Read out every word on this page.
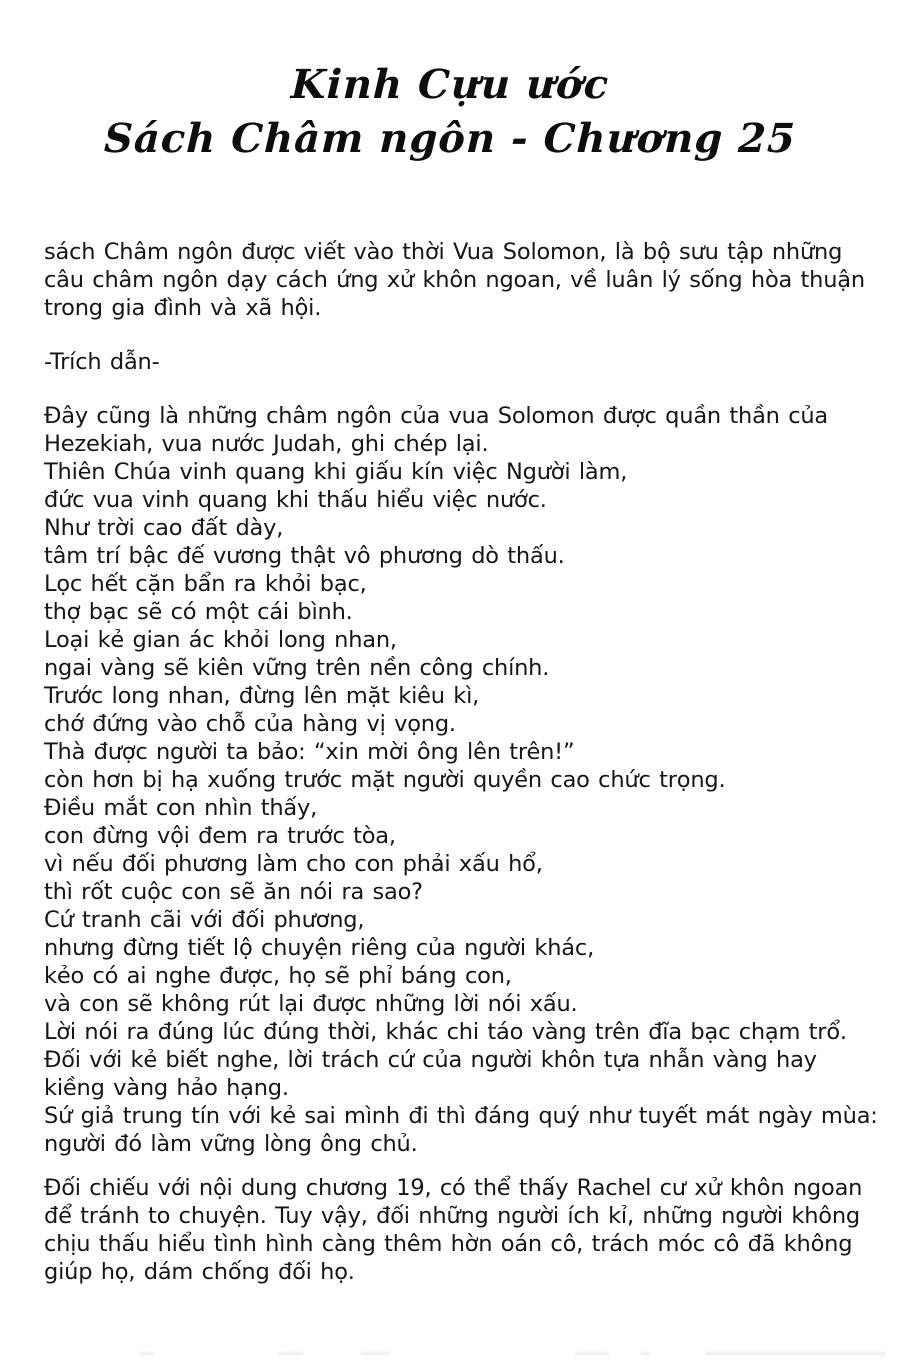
Kinh Cựu ước
Sách Châm ngôn - Chương 25

sách Châm ngôn được viết vào thời Vua Solomon, là bộ sưu tập những
câu châm ngôn dạy cách ứng xử khôn ngoan, về luân lý sống hòa thuận
trong gia đình và xã hội.

-Trích dẫn-

Đây cũng là những châm ngôn của vua Solomon được quần thần của
Hezekiah, vua nước Judah, ghi chép lại.
Thiên Chúa vinh quang khi giấu kín việc Người làm,
đức vua vinh quang khi thấu hiểu việc nước.
Như trời cao đất dày,
tâm trí bậc đế vương thật vô phương dò thấu.
Lọc hết cặn bẩn ra khỏi bạc,
thợ bạc sẽ có một cái bình.
Loại kẻ gian ác khỏi long nhan,
ngai vàng sẽ kiên vững trên nền công chính.
Trước long nhan, đừng lên mặt kiêu kì,
chớ đứng vào chỗ của hàng vị vọng.
Thà được người ta bảo: “xin mời ông lên trên!”
còn hơn bị hạ xuống trước mặt người quyền cao chức trọng.
Điều mắt con nhìn thấy,
con đừng vội đem ra trước tòa,
vì nếu đối phương làm cho con phải xấu hổ,
thì rốt cuộc con sẽ ăn nói ra sao?
Cứ tranh cãi với đối phương,
nhưng đừng tiết lộ chuyện riêng của người khác,
kẻo có ai nghe được, họ sẽ phỉ báng con,
và con sẽ không rút lại được những lời nói xấu.
Lời nói ra đúng lúc đúng thời, khác chi táo vàng trên đĩa bạc chạm trổ.
Đối với kẻ biết nghe, lời trách cứ của người khôn tựa nhẫn vàng hay
kiềng vàng hảo hạng.
Sứ giả trung tín với kẻ sai mình đi thì đáng quý như tuyết mát ngày mùa:
người đó làm vững lòng ông chủ.

Đối chiếu với nội dung chương 19, có thể thấy Rachel cư xử khôn ngoan
để tránh to chuyện. Tuy vậy, đối những người ích kỉ, những người không
chịu thấu hiểu tình hình càng thêm hờn oán cô, trách móc cô đã không
giúp họ, dám chống đối họ.
